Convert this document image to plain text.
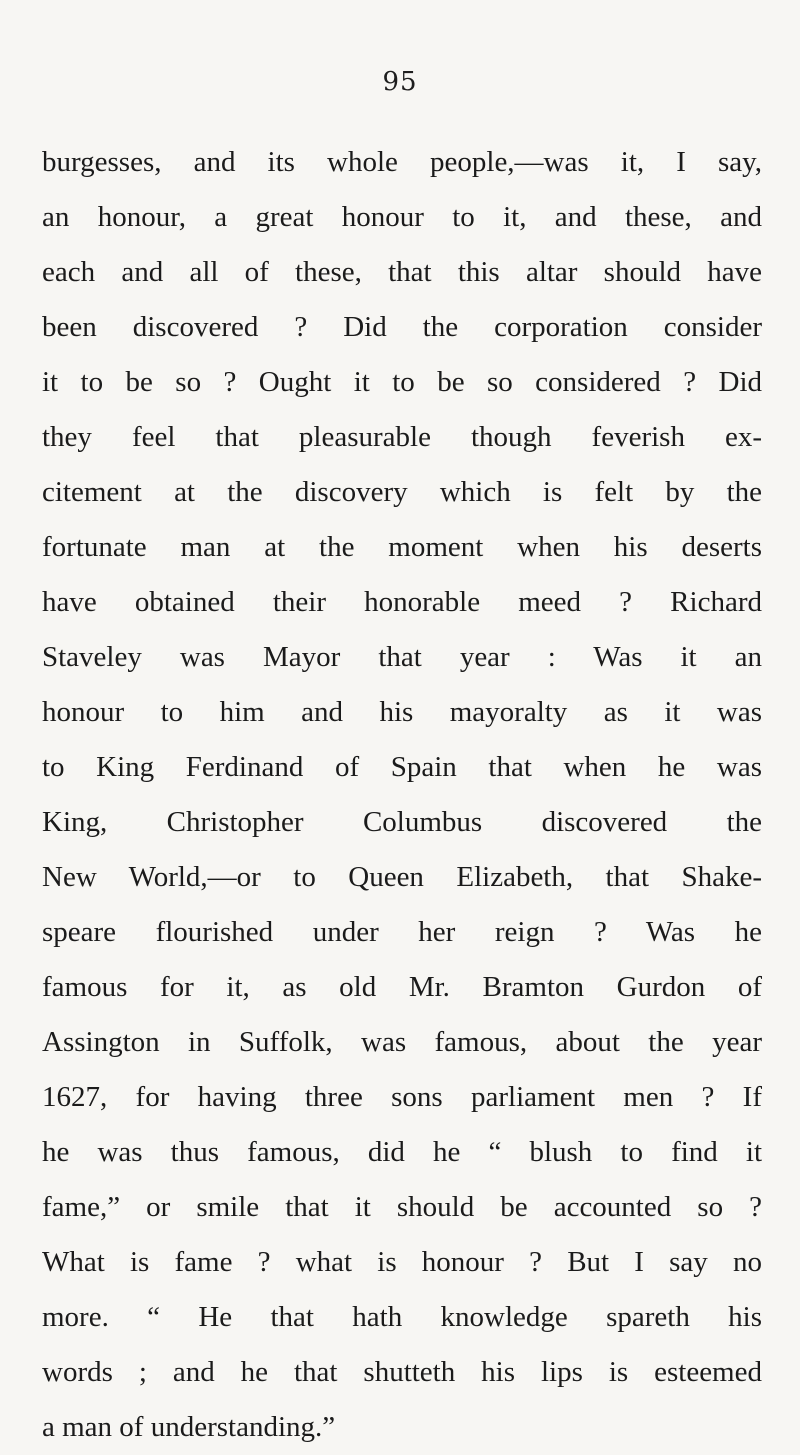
95
burgesses, and its whole people,—was it, I say,
an honour, a great honour to it, and these, and
each and all of these, that this altar should have
been discovered ? Did the corporation consider
it to be so ? Ought it to be so considered ? Did
they feel that pleasurable though feverish ex-
citement at the discovery which is felt by the
fortunate man at the moment when his deserts
have obtained their honorable meed ? Richard
Staveley was Mayor that year : Was it an
honour to him and his mayoralty as it was
to King Ferdinand of Spain that when he was
King, Christopher Columbus discovered the
New World,—or to Queen Elizabeth, that Shake-
speare flourished under her reign ? Was he
famous for it, as old Mr. Bramton Gurdon of
Assington in Suffolk, was famous, about the year
1627, for having three sons parliament men ? If
he was thus famous, did he “ blush to find it
fame,” or smile that it should be accounted so ?
What is fame ? what is honour ? But I say no
more. “ He that hath knowledge spareth his
words ; and he that shutteth his lips is esteemed
a man of understanding.”
